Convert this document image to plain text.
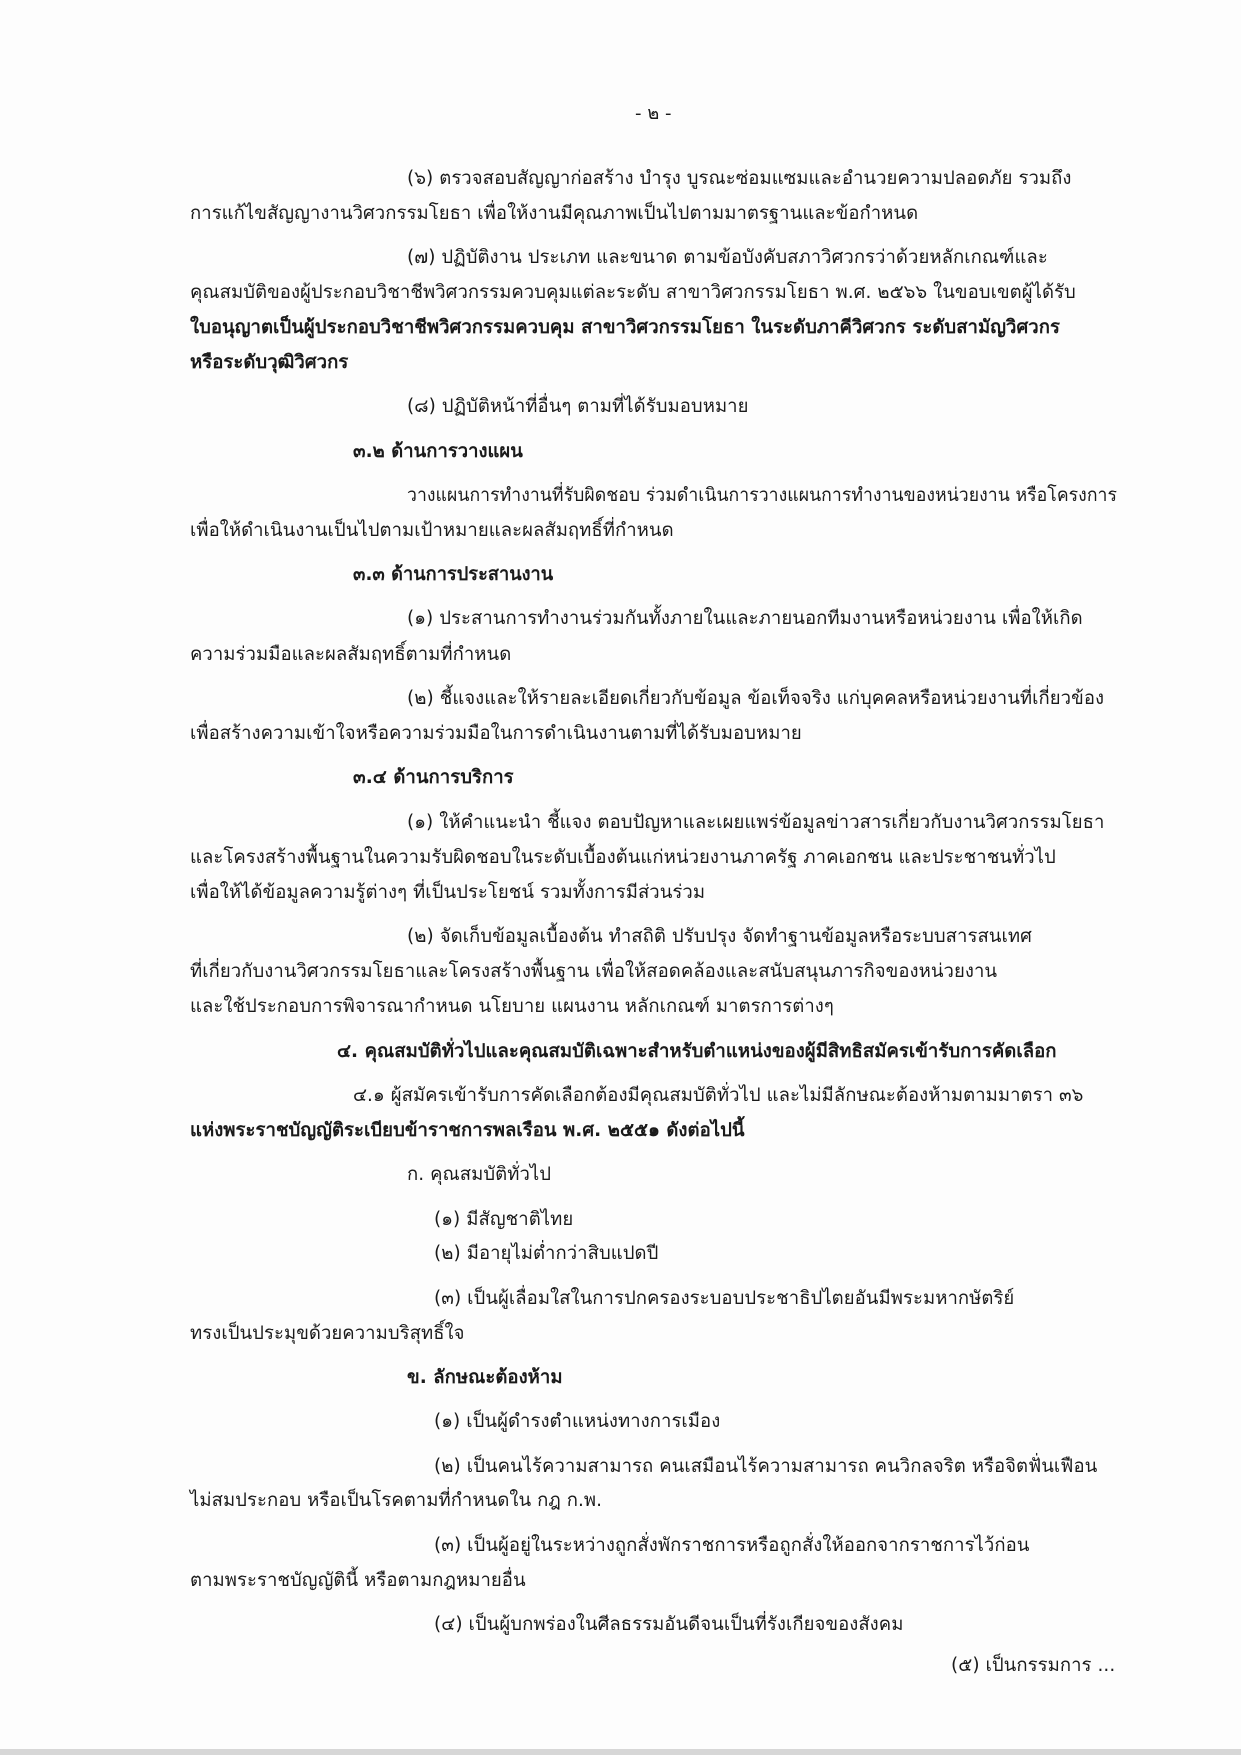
- ๒ -
(๖) ตรวจสอบสัญญาก่อสร้าง บำรุง บูรณะซ่อมแซมและอำนวยความปลอดภัย รวมถึง
การแก้ไขสัญญางานวิศวกรรมโยธา เพื่อให้งานมีคุณภาพเป็นไปตามมาตรฐานและข้อกำหนด
(๗) ปฏิบัติงาน ประเภท และขนาด ตามข้อบังคับสภาวิศวกรว่าด้วยหลักเกณฑ์และ
คุณสมบัติของผู้ประกอบวิชาชีพวิศวกรรมควบคุมแต่ละระดับ สาขาวิศวกรรมโยธา พ.ศ. ๒๕๖๖ ในขอบเขตผู้ได้รับ
ใบอนุญาตเป็นผู้ประกอบวิชาชีพวิศวกรรมควบคุม สาขาวิศวกรรมโยธา ในระดับภาคีวิศวกร ระดับสามัญวิศวกร
หรือระดับวุฒิวิศวกร
(๘) ปฏิบัติหน้าที่อื่นๆ ตามที่ได้รับมอบหมาย
๓.๒ ด้านการวางแผน
วางแผนการทำงานที่รับผิดชอบ ร่วมดำเนินการวางแผนการทำงานของหน่วยงาน หรือโครงการ
เพื่อให้ดำเนินงานเป็นไปตามเป้าหมายและผลสัมฤทธิ์ที่กำหนด
๓.๓ ด้านการประสานงาน
(๑) ประสานการทำงานร่วมกันทั้งภายในและภายนอกทีมงานหรือหน่วยงาน เพื่อให้เกิด
ความร่วมมือและผลสัมฤทธิ์ตามที่กำหนด
(๒) ชี้แจงและให้รายละเอียดเกี่ยวกับข้อมูล ข้อเท็จจริง แก่บุคคลหรือหน่วยงานที่เกี่ยวข้อง
เพื่อสร้างความเข้าใจหรือความร่วมมือในการดำเนินงานตามที่ได้รับมอบหมาย
๓.๔ ด้านการบริการ
(๑) ให้คำแนะนำ ชี้แจง ตอบปัญหาและเผยแพร่ข้อมูลข่าวสารเกี่ยวกับงานวิศวกรรมโยธา
และโครงสร้างพื้นฐานในความรับผิดชอบในระดับเบื้องต้นแก่หน่วยงานภาครัฐ ภาคเอกชน และประชาชนทั่วไป
เพื่อให้ได้ข้อมูลความรู้ต่างๆ ที่เป็นประโยชน์ รวมทั้งการมีส่วนร่วม
(๒) จัดเก็บข้อมูลเบื้องต้น ทำสถิติ ปรับปรุง จัดทำฐานข้อมูลหรือระบบสารสนเทศ
ที่เกี่ยวกับงานวิศวกรรมโยธาและโครงสร้างพื้นฐาน เพื่อให้สอดคล้องและสนับสนุนภารกิจของหน่วยงาน
และใช้ประกอบการพิจารณากำหนด นโยบาย แผนงาน หลักเกณฑ์ มาตรการต่างๆ
๔. คุณสมบัติทั่วไปและคุณสมบัติเฉพาะสำหรับตำแหน่งของผู้มีสิทธิสมัครเข้ารับการคัดเลือก
๔.๑ ผู้สมัครเข้ารับการคัดเลือกต้องมีคุณสมบัติทั่วไป และไม่มีลักษณะต้องห้ามตามมาตรา ๓๖
แห่งพระราชบัญญัติระเบียบข้าราชการพลเรือน พ.ศ. ๒๕๕๑ ดังต่อไปนี้
ก. คุณสมบัติทั่วไป
(๑) มีสัญชาติไทย
(๒) มีอายุไม่ต่ำกว่าสิบแปดปี
(๓) เป็นผู้เลื่อมใสในการปกครองระบอบประชาธิปไตยอันมีพระมหากษัตริย์
ทรงเป็นประมุขด้วยความบริสุทธิ์ใจ
ข. ลักษณะต้องห้าม
(๑) เป็นผู้ดำรงตำแหน่งทางการเมือง
(๒) เป็นคนไร้ความสามารถ คนเสมือนไร้ความสามารถ คนวิกลจริต หรือจิตฟั่นเฟือน
ไม่สมประกอบ หรือเป็นโรคตามที่กำหนดใน กฎ ก.พ.
(๓) เป็นผู้อยู่ในระหว่างถูกสั่งพักราชการหรือถูกสั่งให้ออกจากราชการไว้ก่อน
ตามพระราชบัญญัตินี้ หรือตามกฎหมายอื่น
(๔) เป็นผู้บกพร่องในศีลธรรมอันดีจนเป็นที่รังเกียจของสังคม
(๕) เป็นกรรมการ ...
